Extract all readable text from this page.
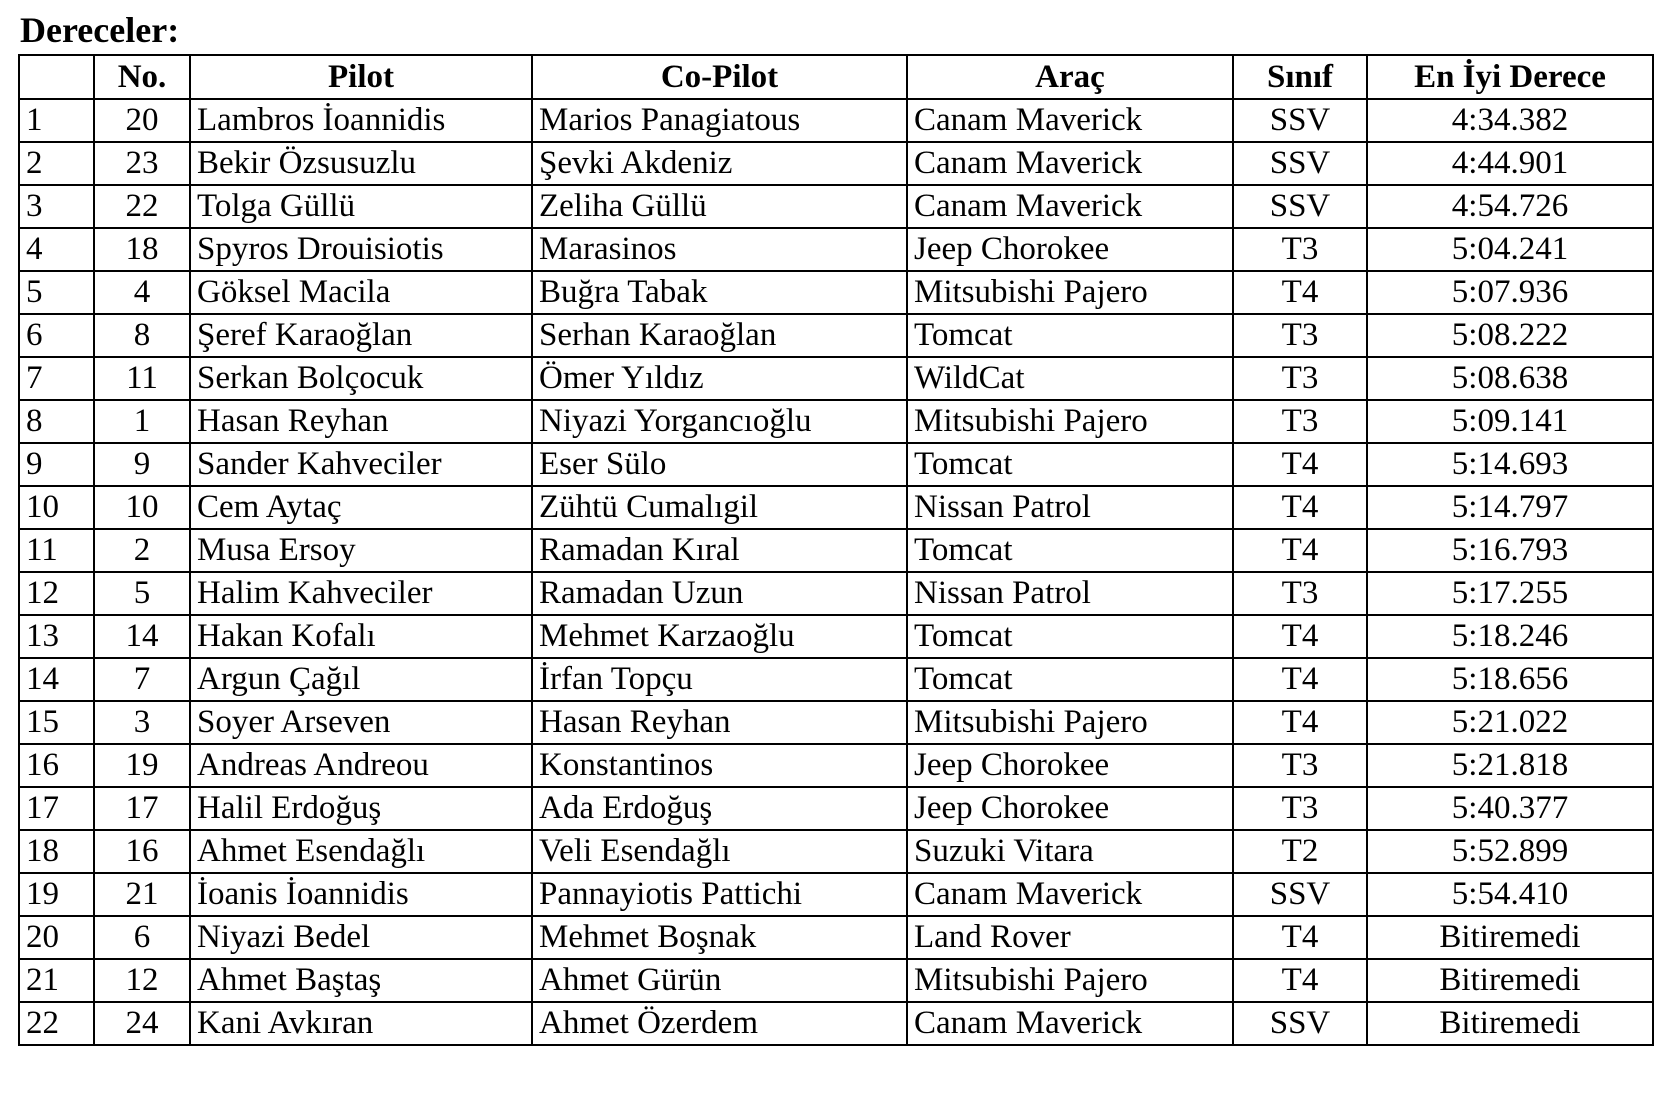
Dereceler:
	No.	Pilot	Co-Pilot	Araç	Sınıf	En İyi Derece
1	20	Lambros İoannidis	Marios Panagiatous	Canam Maverick	SSV	4:34.382
2	23	Bekir Özsusuzlu	Şevki Akdeniz	Canam Maverick	SSV	4:44.901
3	22	Tolga Güllü	Zeliha Güllü	Canam Maverick	SSV	4:54.726
4	18	Spyros Drouisiotis	Marasinos	Jeep Chorokee	T3	5:04.241
5	4	Göksel Macila	Buğra Tabak	Mitsubishi Pajero	T4	5:07.936
6	8	Şeref Karaoğlan	Serhan Karaoğlan	Tomcat	T3	5:08.222
7	11	Serkan Bolçocuk	Ömer Yıldız	WildCat	T3	5:08.638
8	1	Hasan Reyhan	Niyazi Yorgancıoğlu	Mitsubishi Pajero	T3	5:09.141
9	9	Sander Kahveciler	Eser Sülo	Tomcat	T4	5:14.693
10	10	Cem Aytaç	Zühtü Cumalıgil	Nissan Patrol	T4	5:14.797
11	2	Musa Ersoy	Ramadan Kıral	Tomcat	T4	5:16.793
12	5	Halim Kahveciler	Ramadan Uzun	Nissan Patrol	T3	5:17.255
13	14	Hakan Kofalı	Mehmet Karzaoğlu	Tomcat	T4	5:18.246
14	7	Argun Çağıl	İrfan Topçu	Tomcat	T4	5:18.656
15	3	Soyer Arseven	Hasan Reyhan	Mitsubishi Pajero	T4	5:21.022
16	19	Andreas Andreou	Konstantinos	Jeep Chorokee	T3	5:21.818
17	17	Halil Erdoğuş	Ada Erdoğuş	Jeep Chorokee	T3	5:40.377
18	16	Ahmet Esendağlı	Veli Esendağlı	Suzuki Vitara	T2	5:52.899
19	21	İoanis İoannidis	Pannayiotis Pattichi	Canam Maverick	SSV	5:54.410
20	6	Niyazi Bedel	Mehmet Boşnak	Land Rover	T4	Bitiremedi
21	12	Ahmet Baştaş	Ahmet Gürün	Mitsubishi Pajero	T4	Bitiremedi
22	24	Kani Avkıran	Ahmet Özerdem	Canam Maverick	SSV	Bitiremedi
